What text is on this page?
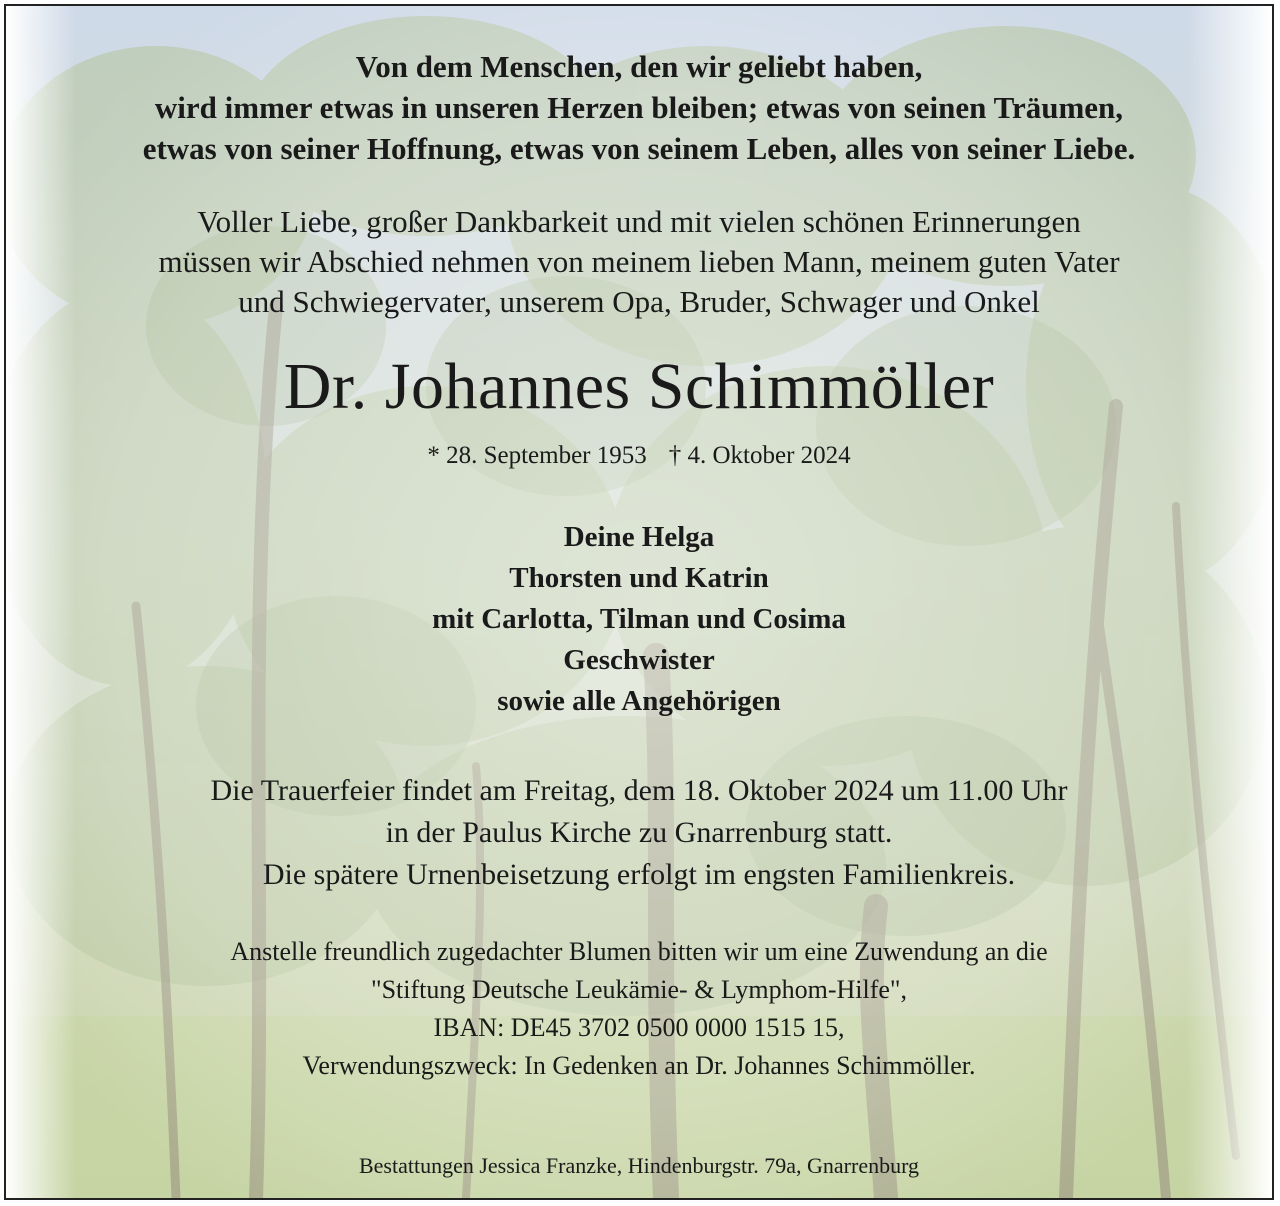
Von dem Menschen, den wir geliebt haben,
wird immer etwas in unseren Herzen bleiben; etwas von seinen Träumen,
etwas von seiner Hoffnung, etwas von seinem Leben, alles von seiner Liebe.
Voller Liebe, großer Dankbarkeit und mit vielen schönen Erinnerungen
müssen wir Abschied nehmen von meinem lieben Mann, meinem guten Vater
und Schwiegervater, unserem Opa, Bruder, Schwager und Onkel
Dr. Johannes Schimmöller
* 28. September 1953 † 4. Oktober 2024
Deine Helga
Thorsten und Katrin
mit Carlotta, Tilman und Cosima
Geschwister
sowie alle Angehörigen
Die Trauerfeier findet am Freitag, dem 18. Oktober 2024 um 11.00 Uhr
in der Paulus Kirche zu Gnarrenburg statt.
Die spätere Urnenbeisetzung erfolgt im engsten Familienkreis.
Anstelle freundlich zugedachter Blumen bitten wir um eine Zuwendung an die
"Stiftung Deutsche Leukämie- & Lymphom-Hilfe",
IBAN: DE45 3702 0500 0000 1515 15,
Verwendungszweck: In Gedenken an Dr. Johannes Schimmöller.
Bestattungen Jessica Franzke, Hindenburgstr. 79a, Gnarrenburg
